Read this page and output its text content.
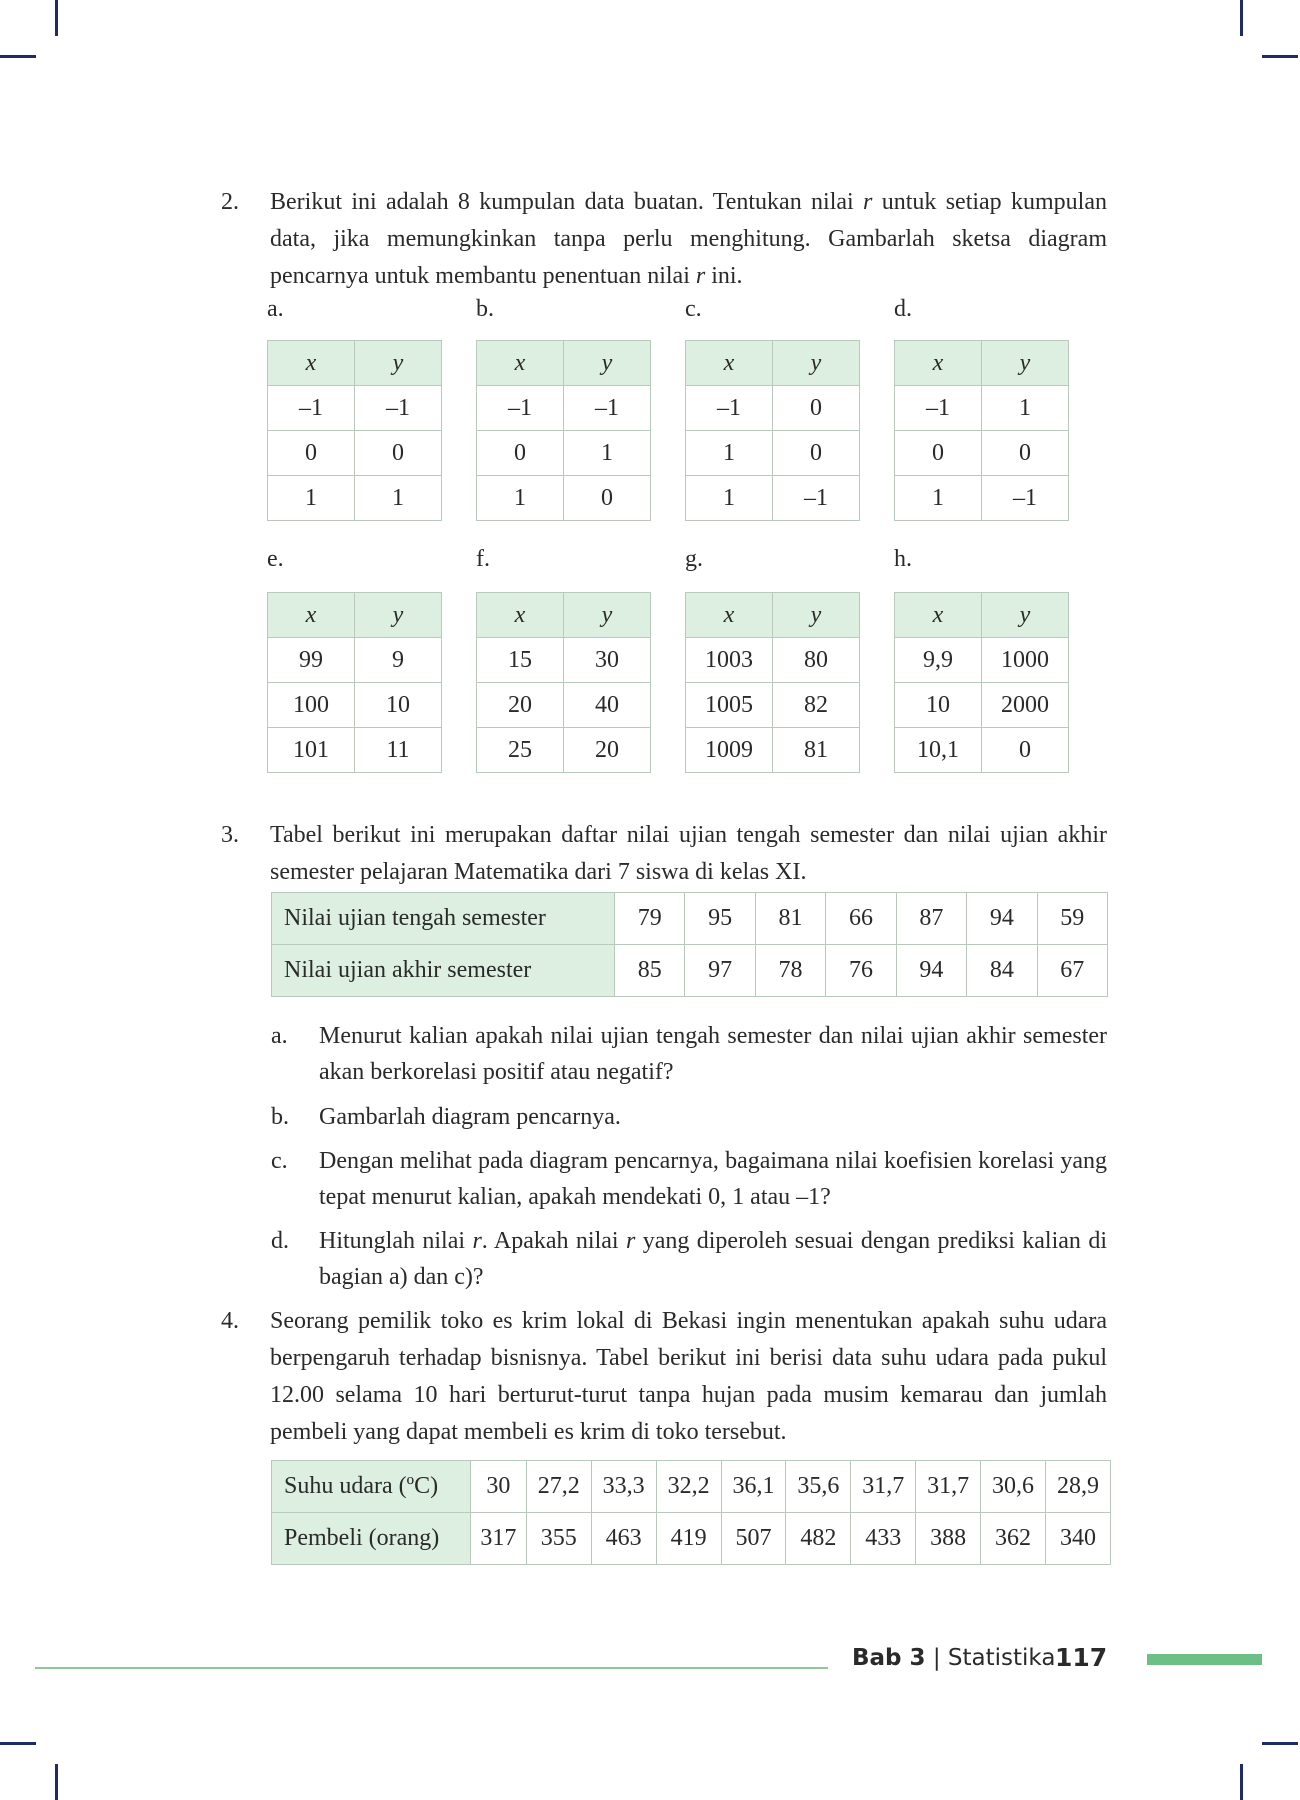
2. Berikut ini adalah 8 kumpulan data buatan. Tentukan nilai r untuk setiap kumpulan data, jika memungkinkan tanpa perlu menghitung. Gambarlah sketsa diagram pencarnya untuk membantu penentuan nilai r ini.

a.
x	y
–1	–1
0	0
1	1
b.
x	y
–1	–1
0	1
1	0
c.
x	y
–1	0
1	0
1	–1
d.
x	y
–1	1
0	0
1	–1
e.
x	y
99	9
100	10
101	11
f.
x	y
15	30
20	40
25	20
g.
x	y
1003	80
1005	82
1009	81
h.
x	y
9,9	1000
10	2000
10,1	0
3. Tabel berikut ini merupakan daftar nilai ujian tengah semester dan nilai ujian akhir semester pelajaran Matematika dari 7 siswa di kelas XI.

Nilai ujian tengah semester	79	95	81	66	87	94	59
Nilai ujian akhir semester	85	97	78	76	94	84	67
a. Menurut kalian apakah nilai ujian tengah semester dan nilai ujian akhir semester akan berkorelasi positif atau negatif?
b. Gambarlah diagram pencarnya.
c. Dengan melihat pada diagram pencarnya, bagaimana nilai koefisien korelasi yang tepat menurut kalian, apakah mendekati 0, 1 atau –1?
d. Hitunglah nilai r. Apakah nilai r yang diperoleh sesuai dengan prediksi kalian di bagian a) dan c)?
4. Seorang pemilik toko es krim lokal di Bekasi ingin menentukan apakah suhu udara berpengaruh terhadap bisnisnya. Tabel berikut ini berisi data suhu udara pada pukul 12.00 selama 10 hari berturut-turut tanpa hujan pada musim kemarau dan jumlah pembeli yang dapat membeli es krim di toko tersebut.

Suhu udara (ºC)	30	27,2	33,3	32,2	36,1	35,6	31,7	31,7	30,6	28,9
Pembeli (orang)	317	355	463	419	507	482	433	388	362	340
Bab 3 | Statistika 117
